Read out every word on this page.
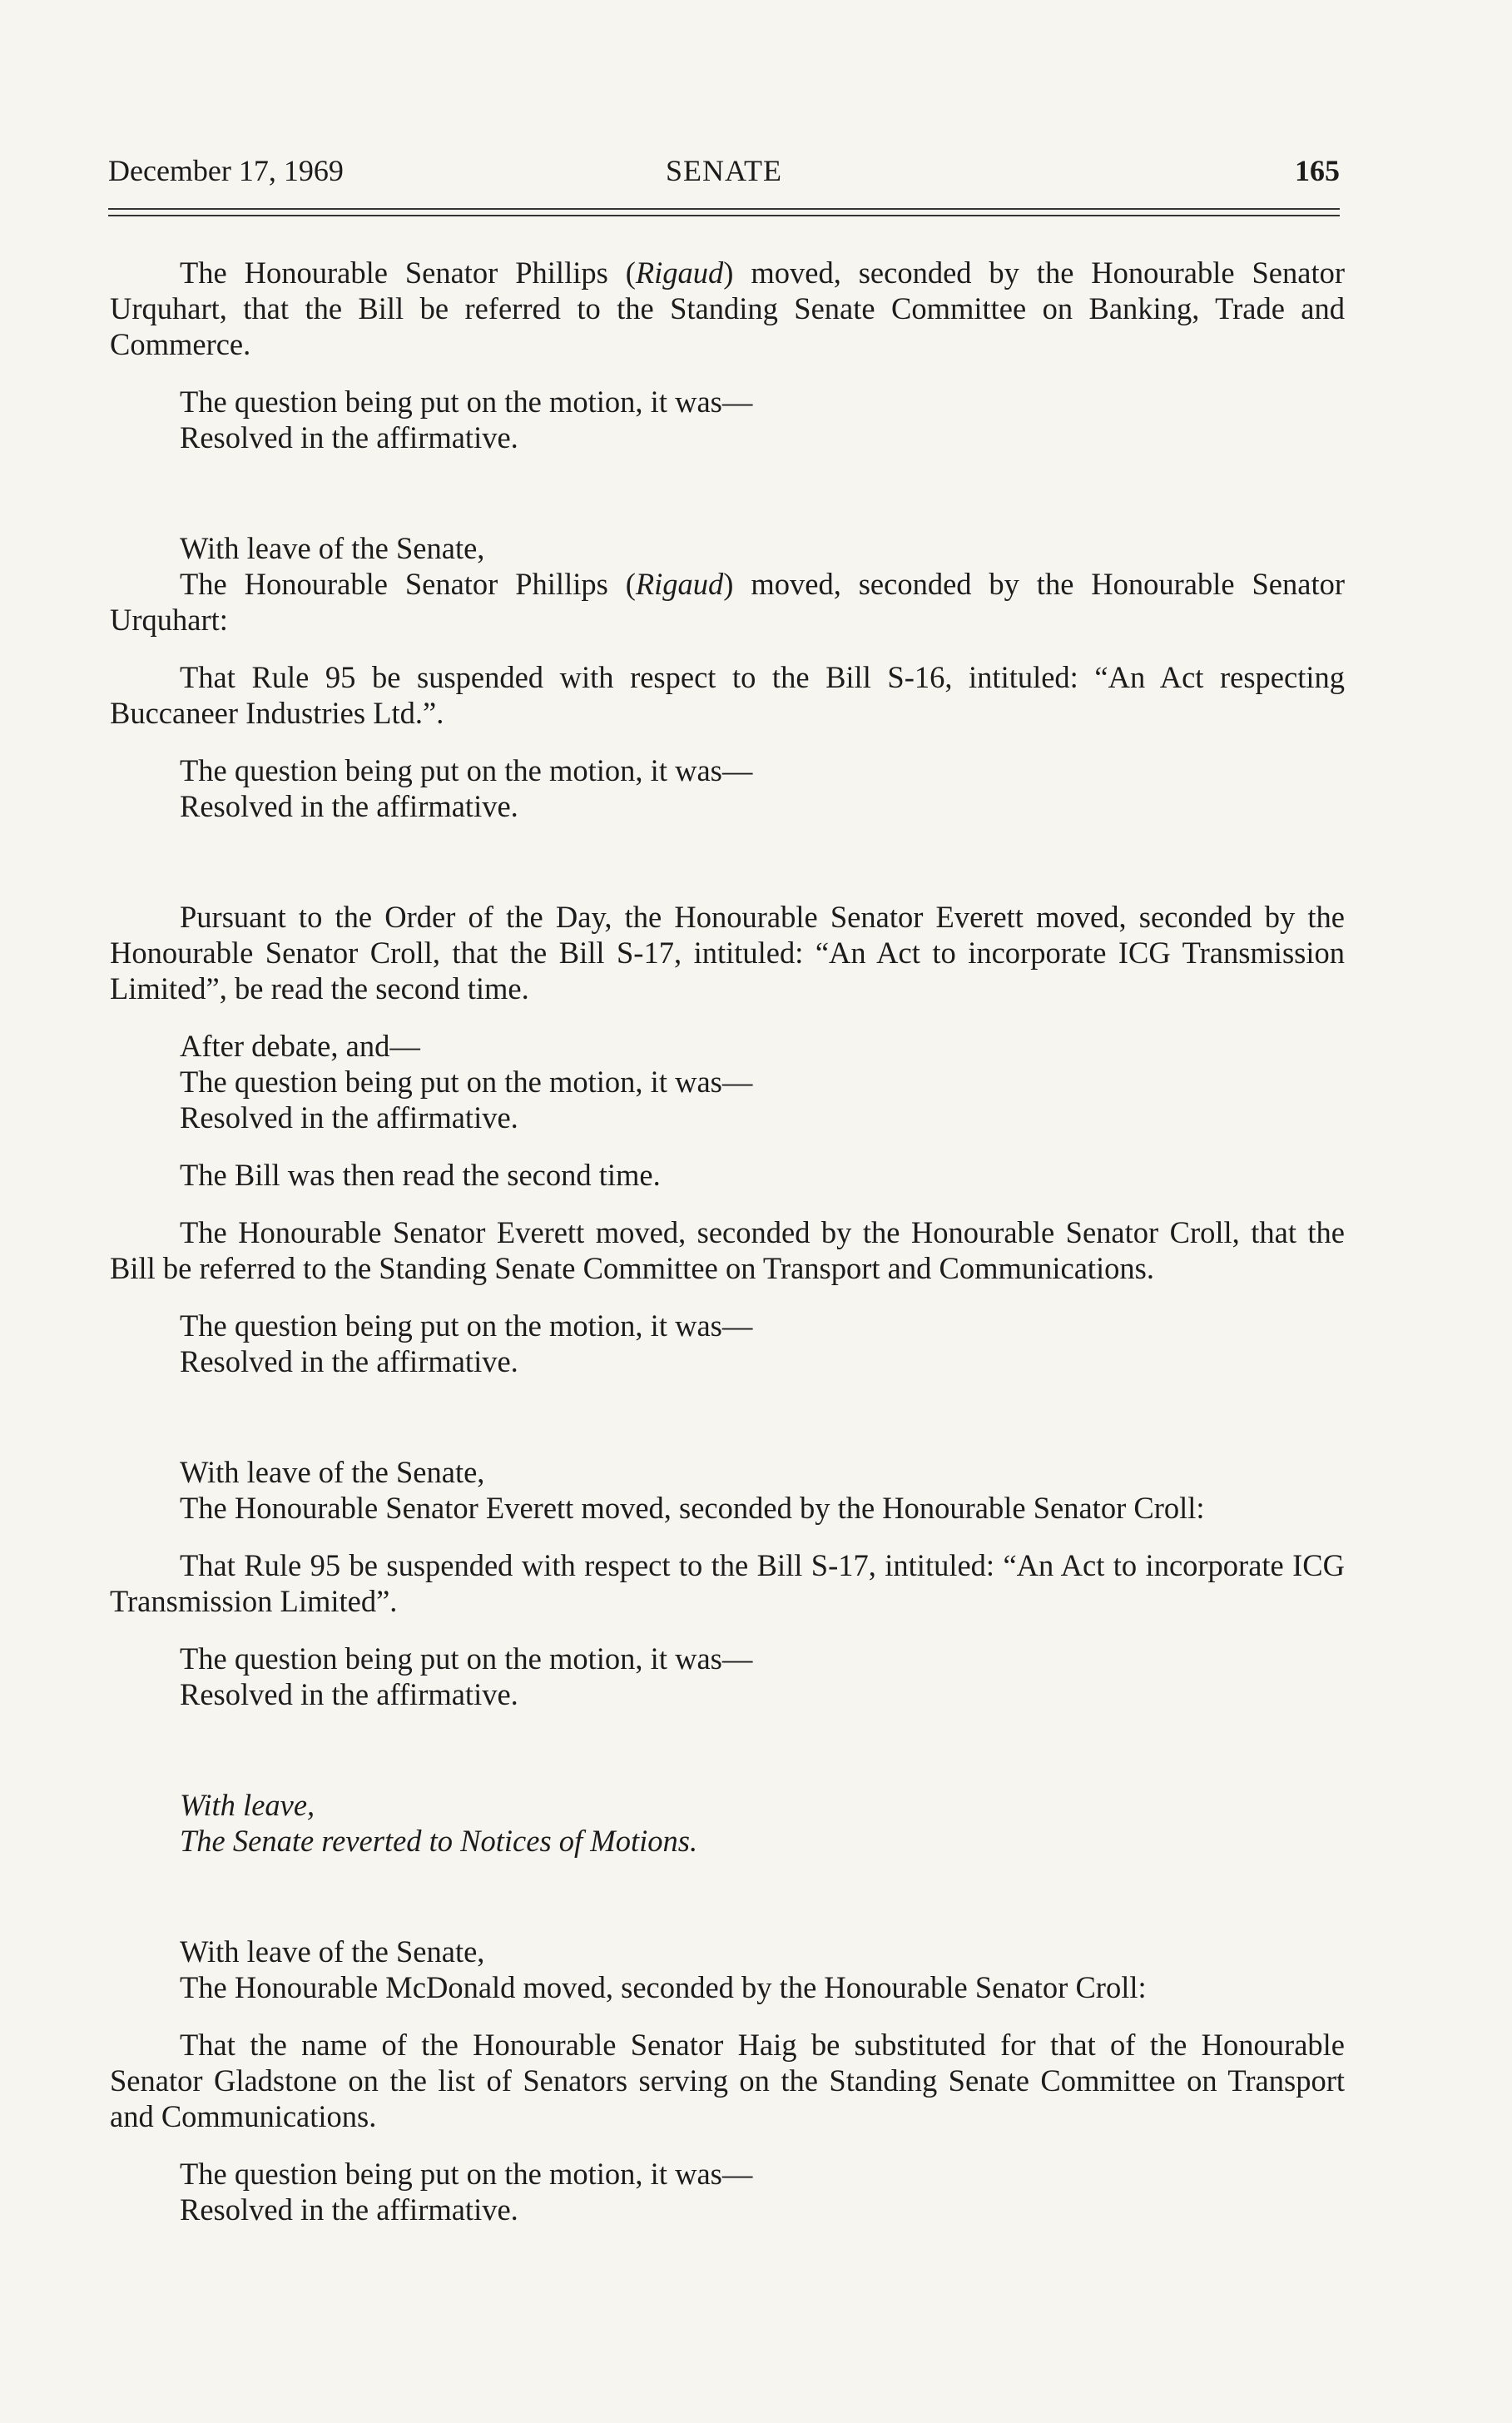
December 17, 1969	SENATE	165

The Honourable Senator Phillips (Rigaud) moved, seconded by the Honourable Senator Urquhart, that the Bill be referred to the Standing Senate Committee on Banking, Trade and Commerce.

The question being put on the motion, it was—

Resolved in the affirmative.

With leave of the Senate,

The Honourable Senator Phillips (Rigaud) moved, seconded by the Honourable Senator Urquhart:

That Rule 95 be suspended with respect to the Bill S-16, intituled: “An Act respecting Buccaneer Industries Ltd.”.

The question being put on the motion, it was—

Resolved in the affirmative.

Pursuant to the Order of the Day, the Honourable Senator Everett moved, seconded by the Honourable Senator Croll, that the Bill S-17, intituled: “An Act to incorporate ICG Transmission Limited”, be read the second time.

After debate, and—

The question being put on the motion, it was—

Resolved in the affirmative.

The Bill was then read the second time.

The Honourable Senator Everett moved, seconded by the Honourable Senator Croll, that the Bill be referred to the Standing Senate Committee on Transport and Communications.

The question being put on the motion, it was—

Resolved in the affirmative.

With leave of the Senate,

The Honourable Senator Everett moved, seconded by the Honourable Senator Croll:

That Rule 95 be suspended with respect to the Bill S-17, intituled: “An Act to incorporate ICG Transmission Limited”.

The question being put on the motion, it was—

Resolved in the affirmative.

With leave,

The Senate reverted to Notices of Motions.

With leave of the Senate,

The Honourable McDonald moved, seconded by the Honourable Senator Croll:

That the name of the Honourable Senator Haig be substituted for that of the Honourable Senator Gladstone on the list of Senators serving on the Standing Senate Committee on Transport and Communications.

The question being put on the motion, it was—

Resolved in the affirmative.
